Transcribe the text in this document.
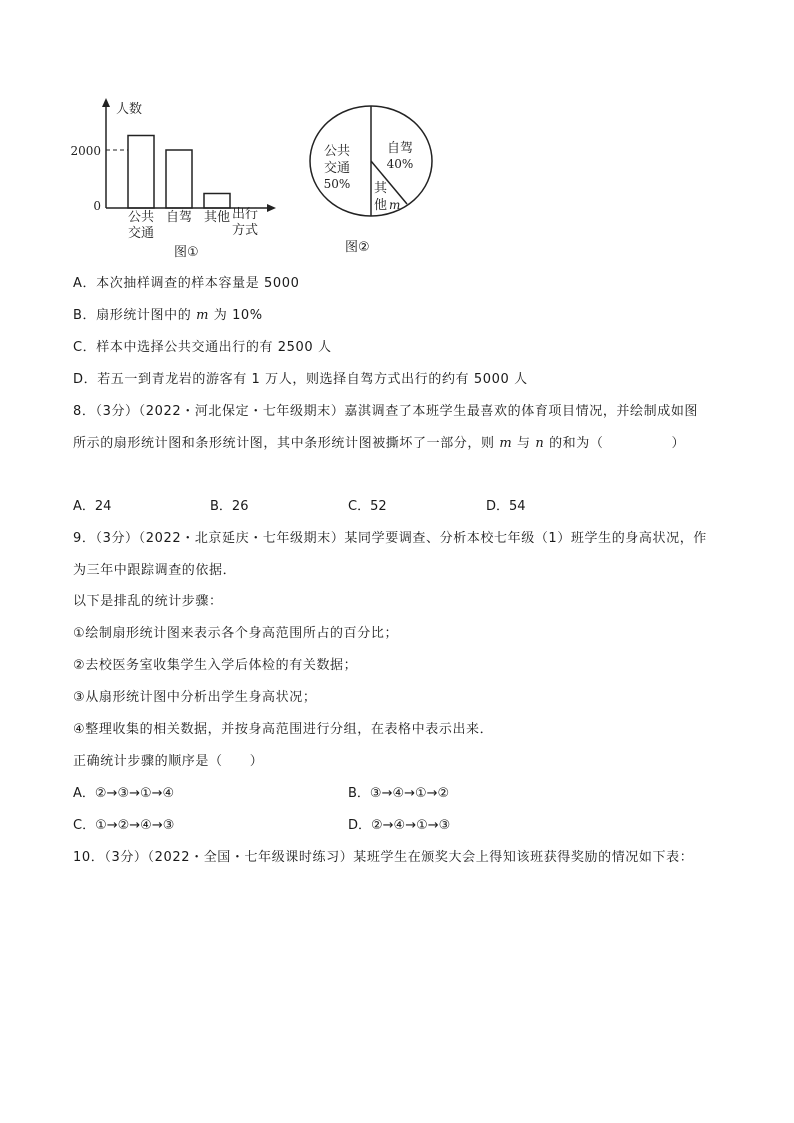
公共
交通
自驾 其他
人数
2000
0
出行
方式
图①
公共
交通
50%
自驾
40%
其
他 m
图②
A．本次抽样调查的样本容量是 5000
B．扇形统计图中的 m 为 10%
C．样本中选择公共交通出行的有 2500 人
D．若五一到青龙岩的游客有 1 万人，则选择自驾方式出行的约有 5000 人
8．（3分）（2022・河北保定・七年级期末）嘉淇调查了本班学生最喜欢的体育项目情况，并绘制成如图
所示的扇形统计图和条形统计图，其中条形统计图被撕坏了一部分，则 m 与 n 的和为（　　　　　）
A．24	B．26	C．52	D．54
9．（3分）（2022・北京延庆・七年级期末）某同学要调查、分析本校七年级（1）班学生的身高状况，作
为三年中跟踪调查的依据．
以下是排乱的统计步骤：
①绘制扇形统计图来表示各个身高范围所占的百分比；
②去校医务室收集学生入学后体检的有关数据；
③从扇形统计图中分析出学生身高状况；
④整理收集的相关数据，并按身高范围进行分组，在表格中表示出来．
正确统计步骤的顺序是（　　）
A．②→③→①→④	B．③→④→①→②
C．①→②→④→③	D．②→④→①→③
10．（3分）（2022・全国・七年级课时练习）某班学生在颁奖大会上得知该班获得奖励的情况如下表：
